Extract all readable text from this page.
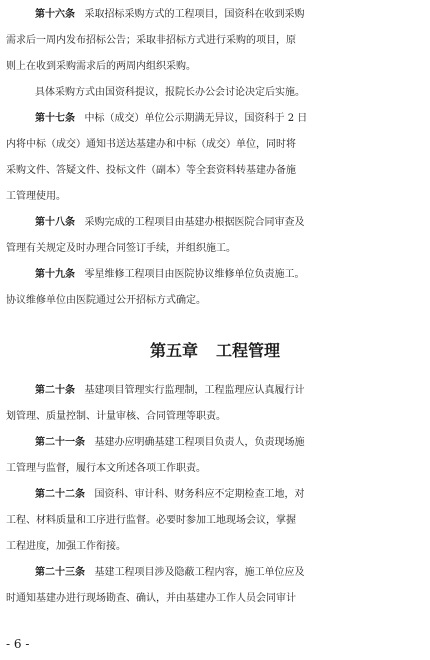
第十六条 采取招标采购方式的工程项目，国资科在收到采购
需求后一周内发布招标公告；采取非招标方式进行采购的项目，原
则上在收到采购需求后的两周内组织采购。
具体采购方式由国资科提议，报院长办公会讨论决定后实施。
第十七条 中标（成交）单位公示期满无异议，国资科于 2 日
内将中标（成交）通知书送达基建办和中标（成交）单位，同时将
采购文件、答疑文件、投标文件（副本）等全套资料转基建办备施
工管理使用。
第十八条 采购完成的工程项目由基建办根据医院合同审查及
管理有关规定及时办理合同签订手续，并组织施工。
第十九条 零星维修工程项目由医院协议维修单位负责施工。
协议维修单位由医院通过公开招标方式确定。
第五章 工程管理
第二十条 基建项目管理实行监理制，工程监理应认真履行计
划管理、质量控制、计量审核、合同管理等职责。
第二十一条 基建办应明确基建工程项目负责人，负责现场施
工管理与监督，履行本文所述各项工作职责。
第二十二条 国资科、审计科、财务科应不定期检查工地，对
工程、材料质量和工序进行监督。必要时参加工地现场会议，掌握
工程进度，加强工作衔接。
第二十三条 基建工程项目涉及隐蔽工程内容，施工单位应及
时通知基建办进行现场勘查、确认，并由基建办工作人员会同审计
- 6 -
